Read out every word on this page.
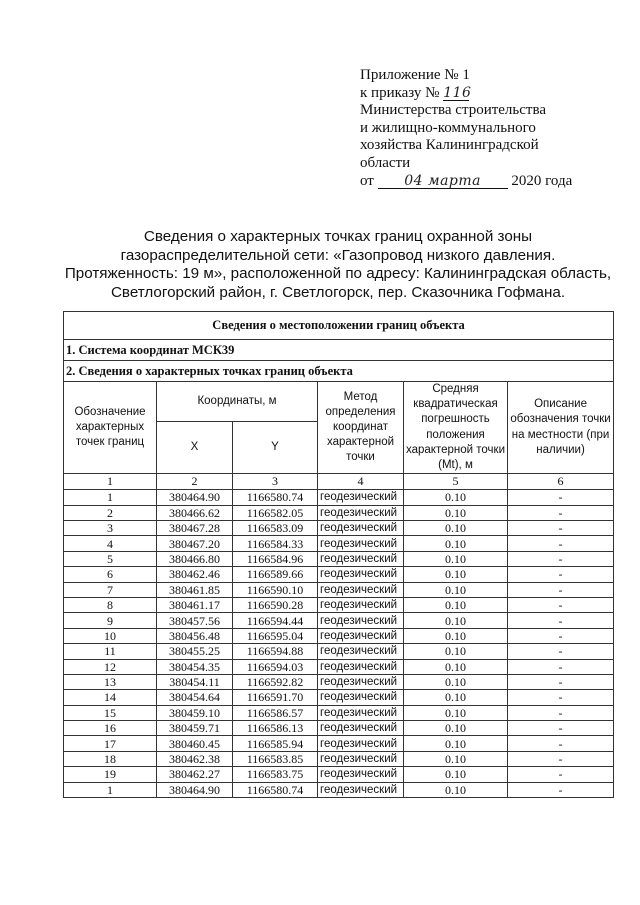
Приложение № 1
к приказу № 116
Министерства строительства
и жилищно-коммунального
хозяйства Калининградской
области
от 04 марта 2020 года
Сведения о характерных точках границ охранной зоны
газораспределительной сети: «Газопровод низкого давления.
Протяженность: 19 м», расположенной по адресу: Калининградская область,
Светлогорский район, г. Светлогорск, пер. Сказочника Гофмана.
Сведения о местоположении границ объекта					
1. Система координат МСК39					
2. Сведения о характерных точках границ объекта					
Обозначение характерных точек границ	Координаты, м		Метод определения координат характерной точки	Средняя квадратическая погрешность положения характерной точки (Mt), м	Описание обозначения точки на местности (при наличии)
	X	Y			
1	2	3	4	5	6
1	380464.90	1166580.74	геодезический	0.10	-
2	380466.62	1166582.05	геодезический	0.10	-
3	380467.28	1166583.09	геодезический	0.10	-
4	380467.20	1166584.33	геодезический	0.10	-
5	380466.80	1166584.96	геодезический	0.10	-
6	380462.46	1166589.66	геодезический	0.10	-
7	380461.85	1166590.10	геодезический	0.10	-
8	380461.17	1166590.28	геодезический	0.10	-
9	380457.56	1166594.44	геодезический	0.10	-
10	380456.48	1166595.04	геодезический	0.10	-
11	380455.25	1166594.88	геодезический	0.10	-
12	380454.35	1166594.03	геодезический	0.10	-
13	380454.11	1166592.82	геодезический	0.10	-
14	380454.64	1166591.70	геодезический	0.10	-
15	380459.10	1166586.57	геодезический	0.10	-
16	380459.71	1166586.13	геодезический	0.10	-
17	380460.45	1166585.94	геодезический	0.10	-
18	380462.38	1166583.85	геодезический	0.10	-
19	380462.27	1166583.75	геодезический	0.10	-
1	380464.90	1166580.74	геодезический	0.10	-
